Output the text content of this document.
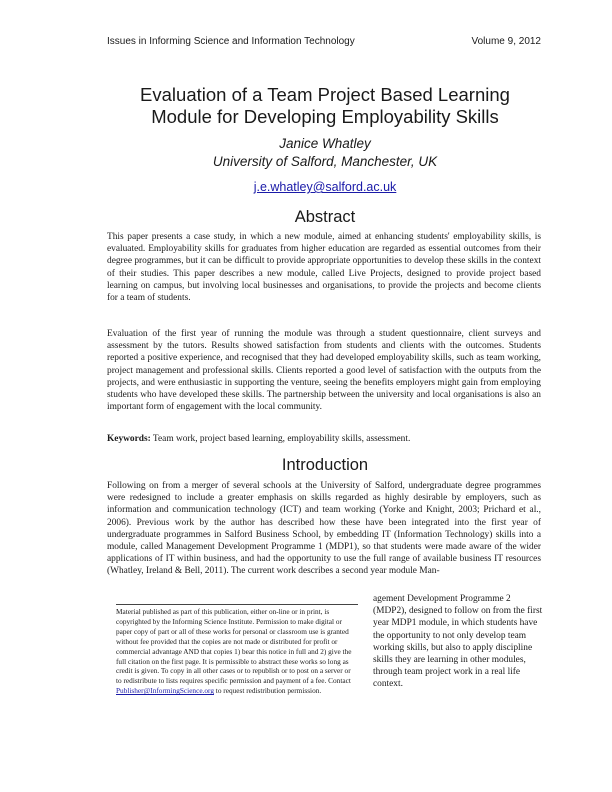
Issues in Informing Science and Information Technology	Volume 9, 2012
Evaluation of a Team Project Based Learning
Module for Developing Employability Skills
Janice Whatley
University of Salford, Manchester, UK
j.e.whatley@salford.ac.uk
Abstract

This paper presents a case study, in which a new module, aimed at enhancing students' employability skills, is evaluated. Employability skills for graduates from higher education are regarded as essential outcomes from their degree programmes, but it can be difficult to provide appropriate opportunities to develop these skills in the context of their studies. This paper describes a new module, called Live Projects, designed to provide project based learning on campus, but involving local businesses and organisations, to provide the projects and become clients for a team of students.

Evaluation of the first year of running the module was through a student questionnaire, client surveys and assessment by the tutors. Results showed satisfaction from students and clients with the outcomes. Students reported a positive experience, and recognised that they had developed employability skills, such as team working, project management and professional skills. Clients reported a good level of satisfaction with the outputs from the projects, and were enthusiastic in supporting the venture, seeing the benefits employers might gain from employing students who have developed these skills. The partnership between the university and local organisations is also an important form of engagement with the local community.

Keywords: Team work, project based learning, employability skills, assessment.

Introduction

Following on from a merger of several schools at the University of Salford, undergraduate degree programmes were redesigned to include a greater emphasis on skills regarded as highly desirable by employers, such as information and communication technology (ICT) and team working (Yorke and Knight, 2003; Prichard et al., 2006). Previous work by the author has described how these have been integrated into the first year of undergraduate programmes in Salford Business School, by embedding IT (Information Technology) skills into a module, called Management Development Programme 1 (MDP1), so that students were made aware of the wider applications of IT within business, and had the opportunity to use the full range of available business IT resources (Whatley, Ireland & Bell, 2011). The current work describes a second year module Man-

Material published as part of this publication, either on-line or in print, is copyrighted by the Informing Science Institute. Permission to make digital or paper copy of part or all of these works for personal or classroom use is granted without fee provided that the copies are not made or distributed for profit or commercial advantage AND that copies 1) bear this notice in full and 2) give the full citation on the first page. It is permissible to abstract these works so long as credit is given. To copy in all other cases or to republish or to post on a server or to redistribute to lists requires specific permission and payment of a fee. Contact Publisher@InformingScience.org to request redistribution permission.
agement Development Programme 2 (MDP2), designed to follow on from the first year MDP1 module, in which students have the opportunity to not only develop team working skills, but also to apply discipline skills they are learning in other modules, through team project work in a real life context.
